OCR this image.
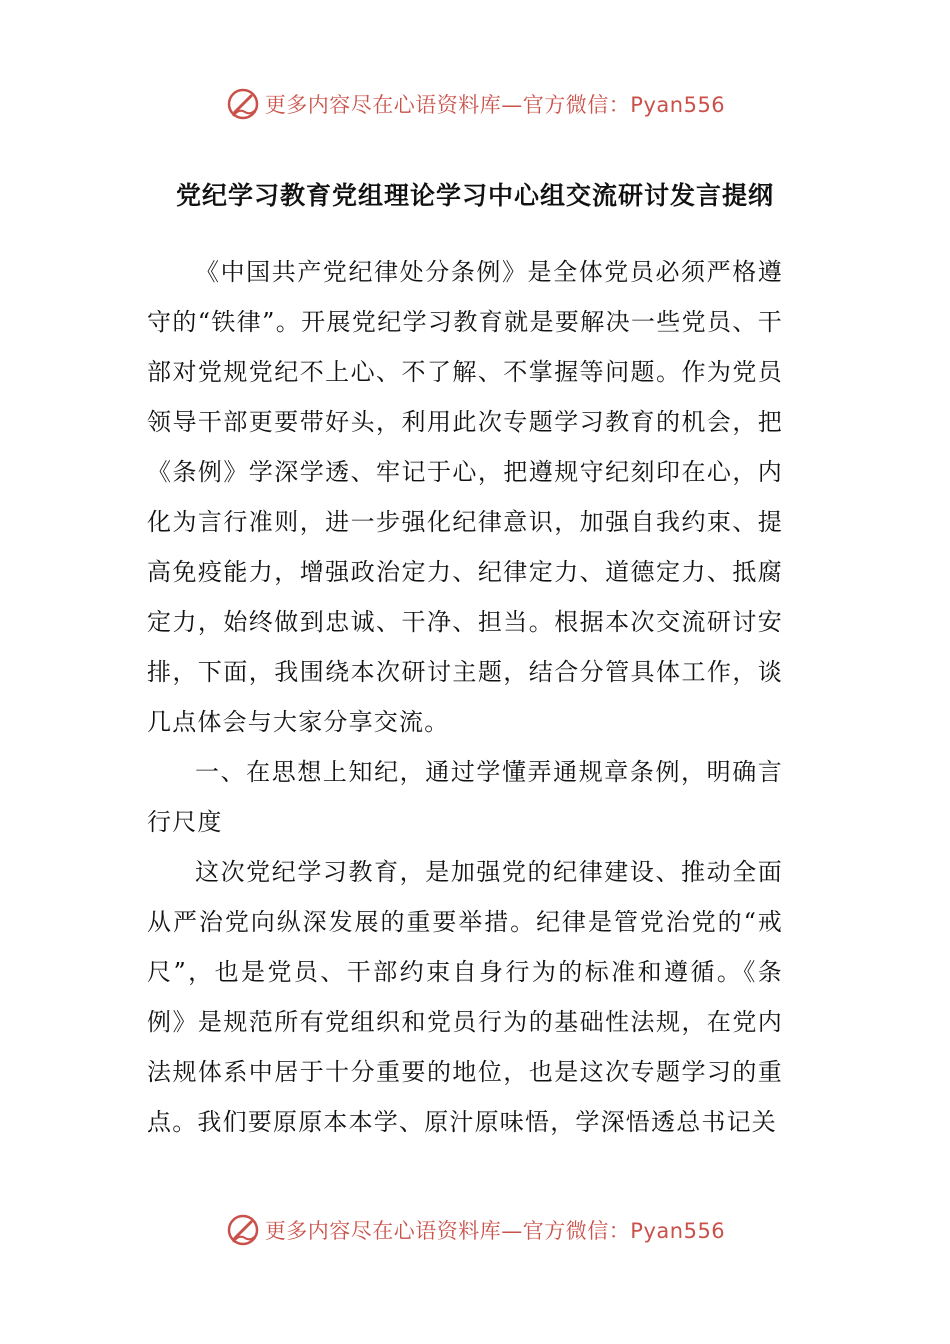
更多内容尽在心语资料库—官方微信：Pyan556
党纪学习教育党组理论学习中心组交流研讨发言提纲

《中国共产党纪律处分条例》是全体党员必须严格遵守的“铁律”。开展党纪学习教育就是要解决一些党员、干部对党规党纪不上心、不了解、不掌握等问题。作为党员领导干部更要带好头，利用此次专题学习教育的机会，把《条例》学深学透、牢记于心，把遵规守纪刻印在心，内化为言行准则，进一步强化纪律意识，加强自我约束、提高免疫能力，增强政治定力、纪律定力、道德定力、抵腐定力，始终做到忠诚、干净、担当。根据本次交流研讨安排，下面，我围绕本次研讨主题，结合分管具体工作，谈几点体会与大家分享交流。

一、在思想上知纪，通过学懂弄通规章条例，明确言行尺度

这次党纪学习教育，是加强党的纪律建设、推动全面从严治党向纵深发展的重要举措。纪律是管党治党的“戒尺”，也是党员、干部约束自身行为的标准和遵循。《条例》是规范所有党组织和党员行为的基础性法规，在党内法规体系中居于十分重要的地位，也是这次专题学习的重点。我们要原原本本学、原汁原味悟，学深悟透总书记关

更多内容尽在心语资料库—官方微信：Pyan556
